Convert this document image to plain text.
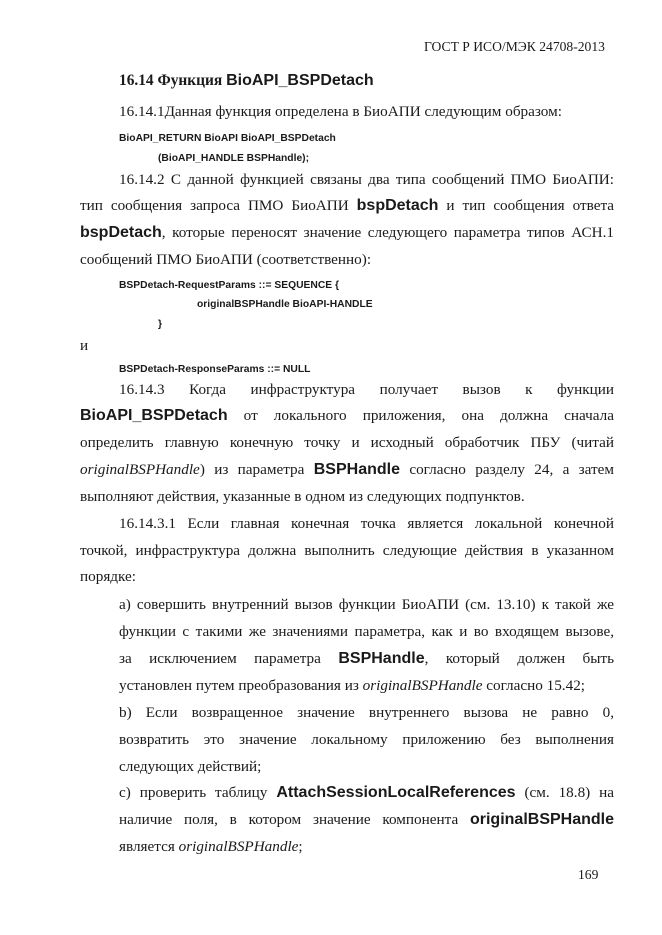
ГОСТ Р ИСО/МЭК 24708-2013
16.14 Функция BioAPI_BSPDetach
16.14.1Данная функция определена в БиоАПИ следующим образом:
BioAPI_RETURN BioAPI BioAPI_BSPDetach
(BioAPI_HANDLE BSPHandle);
16.14.2 С данной функцией связаны два типа сообщений ПМО БиоАПИ:
тип сообщения запроса ПМО БиоАПИ bspDetach и тип сообщения ответа
bspDetach, которые переносят значение следующего параметра типов АСН.1
сообщений ПМО БиоАПИ (соответственно):
BSPDetach-RequestParams ::= SEQUENCE {
originalBSPHandle BioAPI-HANDLE
}
и
BSPDetach-ResponseParams ::= NULL
16.14.3 Когда инфраструктура получает вызов к функции
BioAPI_BSPDetach от локального приложения, она должна сначала
определить главную конечную точку и исходный обработчик ПБУ (читай
originalBSPHandle) из параметра BSPHandle согласно разделу 24, а затем
выполняют действия, указанные в одном из следующих подпунктов.
16.14.3.1 Если главная конечная точка является локальной конечной
точкой, инфраструктура должна выполнить следующие действия в указанном
порядке:
а) совершить внутренний вызов функции БиоАПИ (см. 13.10) к такой же
функции с такими же значениями параметра, как и во входящем вызове,
за исключением параметра BSPHandle, который должен быть
установлен путем преобразования из originalBSPHandle согласно 15.42;
b) Если возвращенное значение внутреннего вызова не равно 0,
возвратить это значение локальному приложению без выполнения
следующих действий;
с) проверить таблицу AttachSessionLocalReferences (см. 18.8) на
наличие поля, в котором значение компонента originalBSPHandle
является originalBSPHandle;
169
